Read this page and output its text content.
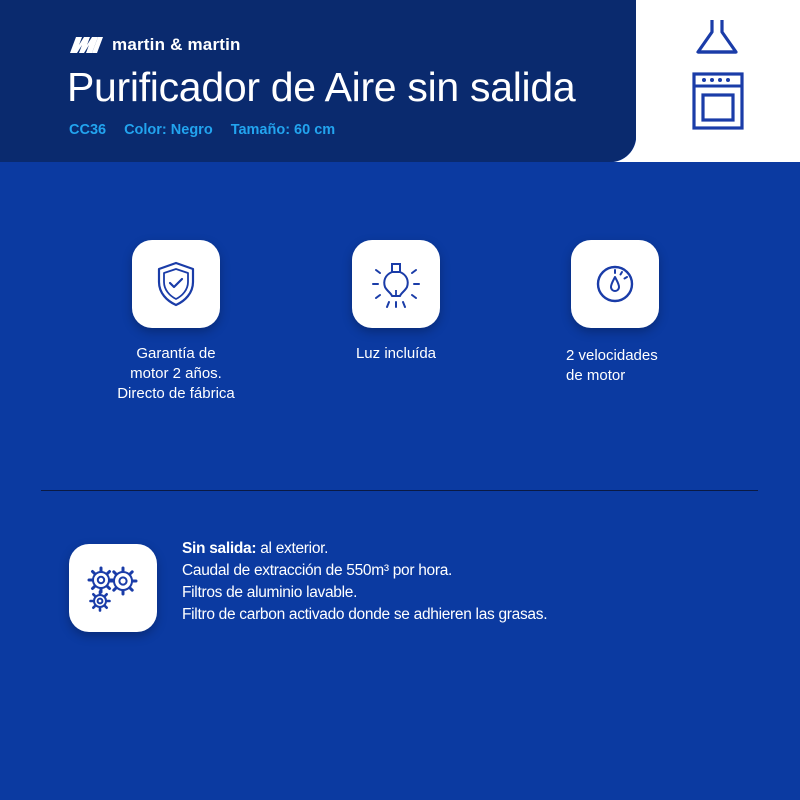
martin & martin
Purificador de Aire sin salida
CC36 Color: Negro Tamaño: 60 cm
Garantía de
motor 2 años.
Directo de fábrica
Luz incluída	2 velocidades
de motor
Sin salida: al exterior.
Caudal de extracción de 550m³ por hora.
Filtros de aluminio lavable.
Filtro de carbon activado donde se adhieren las grasas.
